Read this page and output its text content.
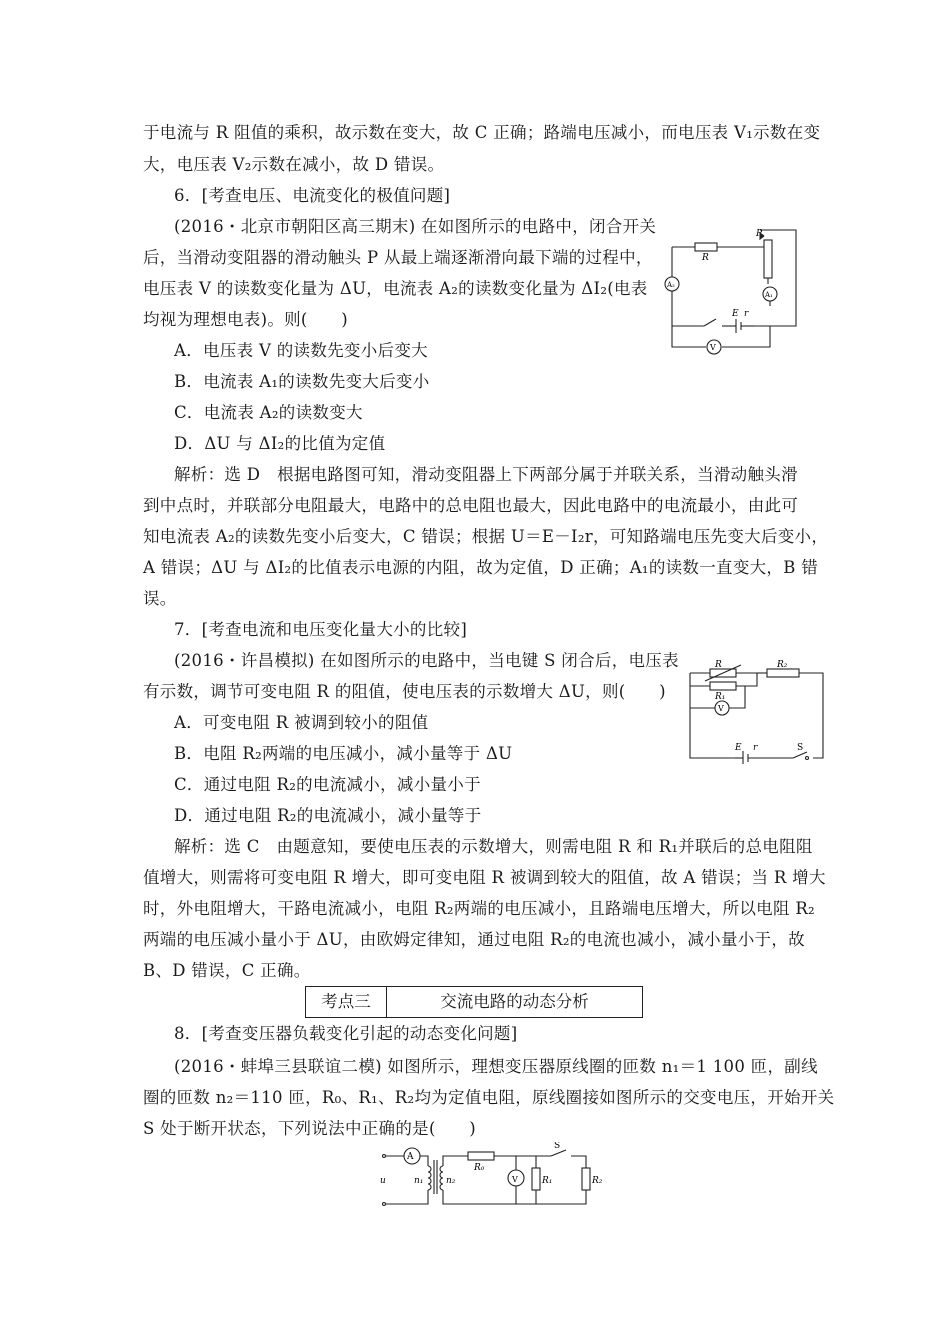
于电流与 R 阻值的乘积，故示数在变大，故 C 正确；路端电压减小，而电压表 V₁示数在变
大，电压表 V₂示数在减小，故 D 错误。
6．[考查电压、电流变化的极值问题]
(2016・北京市朝阳区高三期末) 在如图所示的电路中，闭合开关
后，当滑动变阻器的滑动触头 P 从最上端逐渐滑向最下端的过程中，
电压表 V 的读数变化量为 ΔU，电流表 A₂的读数变化量为 ΔI₂(电表
均视为理想电表)。则(　　)
A．电压表 V 的读数先变小后变大
B．电流表 A₁的读数先变大后变小
C．电流表 A₂的读数变大
D．ΔU 与 ΔI₂的比值为定值
解析：选 D　根据电路图可知，滑动变阻器上下两部分属于并联关系，当滑动触头滑
到中点时，并联部分电阻最大，电路中的总电阻也最大，因此电路中的电流最小，由此可
知电流表 A₂的读数先变小后变大，C 错误；根据 U＝E－I₂r，可知路端电压先变大后变小，
A 错误；ΔU 与 ΔI₂的比值表示电源的内阻，故为定值，D 正确；A₁的读数一直变大，B 错
误。
7．[考查电流和电压变化量大小的比较]
(2016・许昌模拟) 在如图所示的电路中，当电键 S 闭合后，电压表
有示数，调节可变电阻 R 的阻值，使电压表的示数增大 ΔU，则(　　)
A．可变电阻 R 被调到较小的阻值
B．电阻 R₂两端的电压减小，减小量等于 ΔU
C．通过电阻 R₂的电流减小，减小量小于
D．通过电阻 R₂的电流减小，减小量等于
解析：选 C　由题意知，要使电压表的示数增大，则需电阻 R 和 R₁并联后的总电阻阻
值增大，则需将可变电阻 R 增大，即可变电阻 R 被调到较大的阻值，故 A 错误；当 R 增大
时，外电阻增大，干路电流减小，电阻 R₂两端的电压减小，且路端电压增大，所以电阻 R₂
两端的电压减小量小于 ΔU，由欧姆定律知，通过电阻 R₂的电流也减小，减小量小于，故
B、D 错误，C 正确。
考点三	交流电路的动态分析
8．[考查变压器负载变化引起的动态变化问题]
(2016・蚌埠三县联谊二模) 如图所示，理想变压器原线圈的匝数 n₁＝1 100 匝，副线
圈的匝数 n₂＝110 匝，R₀、R₁、R₂均为定值电阻，原线圈接如图所示的交变电压，开始开关
S 处于断开状态，下列说法中正确的是(　　)
R
P
A₂
A₁
E r
V
R
R₁
R₂
V
E r	S
A
u	n₁	n₂
R₀
V	R₁	R₂
S
